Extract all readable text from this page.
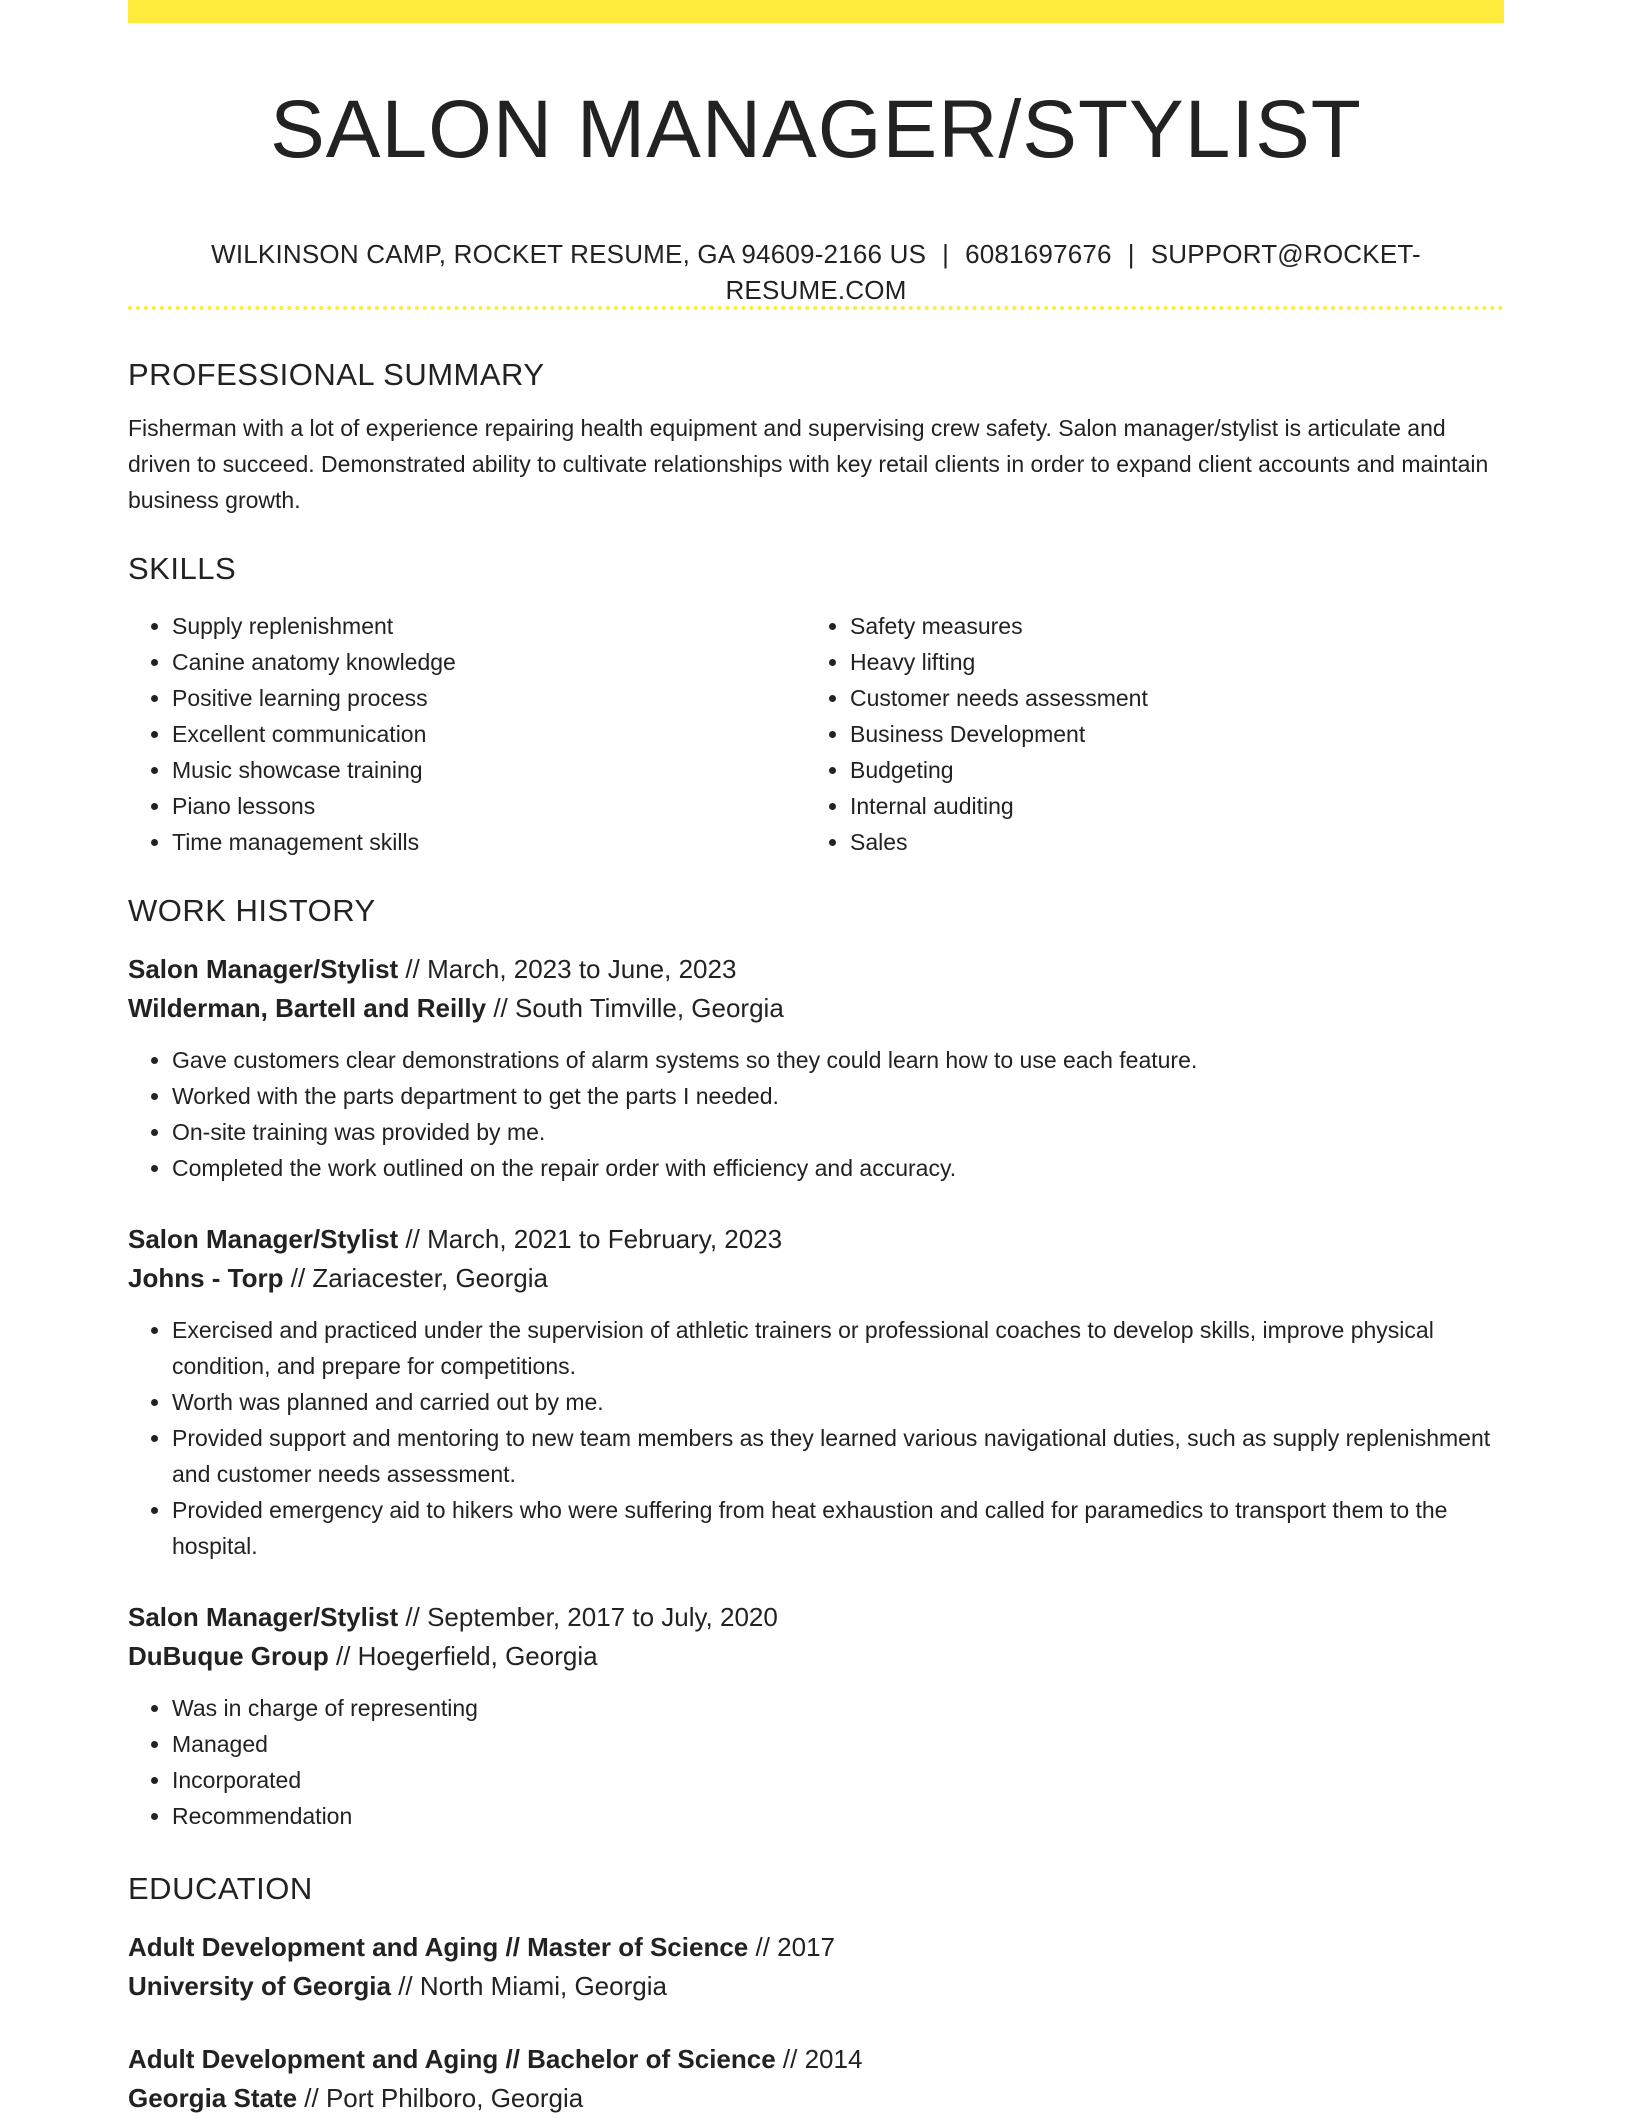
SALON MANAGER/STYLIST
WILKINSON CAMP, ROCKET RESUME, GA 94609-2166 US | 6081697676 | SUPPORT@ROCKET-RESUME.COM
PROFESSIONAL SUMMARY

Fisherman with a lot of experience repairing health equipment and supervising crew safety. Salon manager/stylist is articulate and driven to succeed. Demonstrated ability to cultivate relationships with key retail clients in order to expand client accounts and maintain business growth.

SKILLS
• Supply replenishment
• Canine anatomy knowledge
• Positive learning process
• Excellent communication
• Music showcase training
• Piano lessons
• Time management skills
• Safety measures
• Heavy lifting
• Customer needs assessment
• Business Development
• Budgeting
• Internal auditing
• Sales
WORK HISTORY
Salon Manager/Stylist // March, 2023 to June, 2023
Wilderman, Bartell and Reilly // South Timville, Georgia
• Gave customers clear demonstrations of alarm systems so they could learn how to use each feature.
• Worked with the parts department to get the parts I needed.
• On-site training was provided by me.
• Completed the work outlined on the repair order with efficiency and accuracy.
Salon Manager/Stylist // March, 2021 to February, 2023
Johns - Torp // Zariacester, Georgia
• Exercised and practiced under the supervision of athletic trainers or professional coaches to develop skills, improve physical condition, and prepare for competitions.
• Worth was planned and carried out by me.
• Provided support and mentoring to new team members as they learned various navigational duties, such as supply replenishment and customer needs assessment.
• Provided emergency aid to hikers who were suffering from heat exhaustion and called for paramedics to transport them to the hospital.
Salon Manager/Stylist // September, 2017 to July, 2020
DuBuque Group // Hoegerfield, Georgia
• Was in charge of representing
• Managed
• Incorporated
• Recommendation
EDUCATION
Adult Development and Aging // Master of Science // 2017
University of Georgia // North Miami, Georgia
Adult Development and Aging // Bachelor of Science // 2014
Georgia State // Port Philboro, Georgia
